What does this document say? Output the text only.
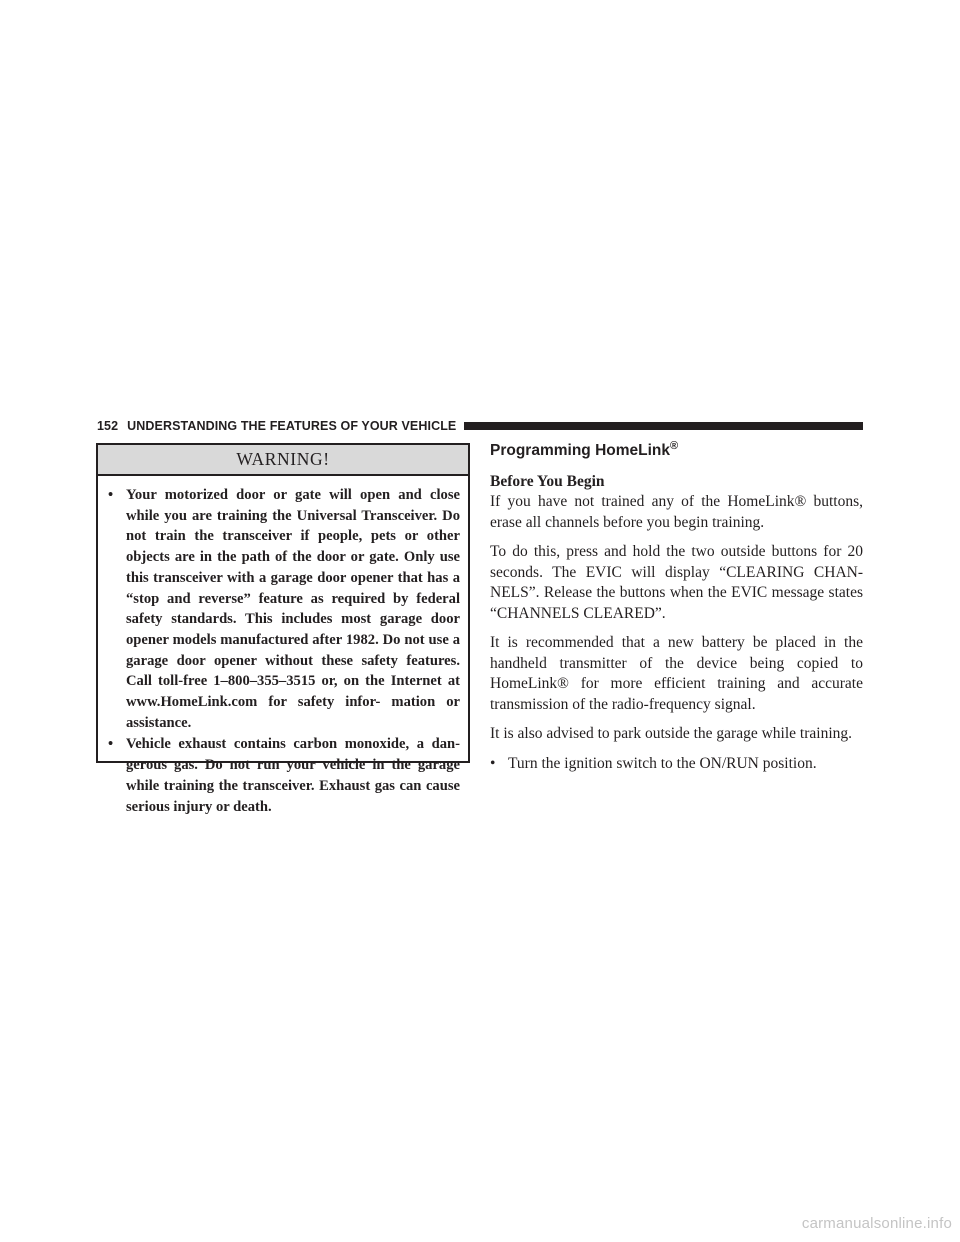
152 UNDERSTANDING THE FEATURES OF YOUR VEHICLE
WARNING!
• Your motorized door or gate will open and close while you are training the Universal Transceiver. Do not train the transceiver if people, pets or other objects are in the path of the door or gate. Only use this transceiver with a garage door opener that has a “stop and reverse” feature as required by federal safety standards. This includes most garage door opener models manufactured after 1982. Do not use a garage door opener without these safety features. Call toll-free 1–800–355–3515 or, on the Internet at www.HomeLink.com for safety infor- mation or assistance.
• Vehicle exhaust contains carbon monoxide, a dan- gerous gas. Do not run your vehicle in the garage while training the transceiver. Exhaust gas can cause serious injury or death.
Programming HomeLink®

Before You Begin

If you have not trained any of the HomeLink® buttons, erase all channels before you begin training.

To do this, press and hold the two outside buttons for 20 seconds. The EVIC will display “CLEARING CHAN- NELS”. Release the buttons when the EVIC message states “CHANNELS CLEARED”.

It is recommended that a new battery be placed in the handheld transmitter of the device being copied to HomeLink® for more efficient training and accurate transmission of the radio-frequency signal.

It is also advised to park outside the garage while training.

• Turn the ignition switch to the ON/RUN position.
carmanualsonline.info
